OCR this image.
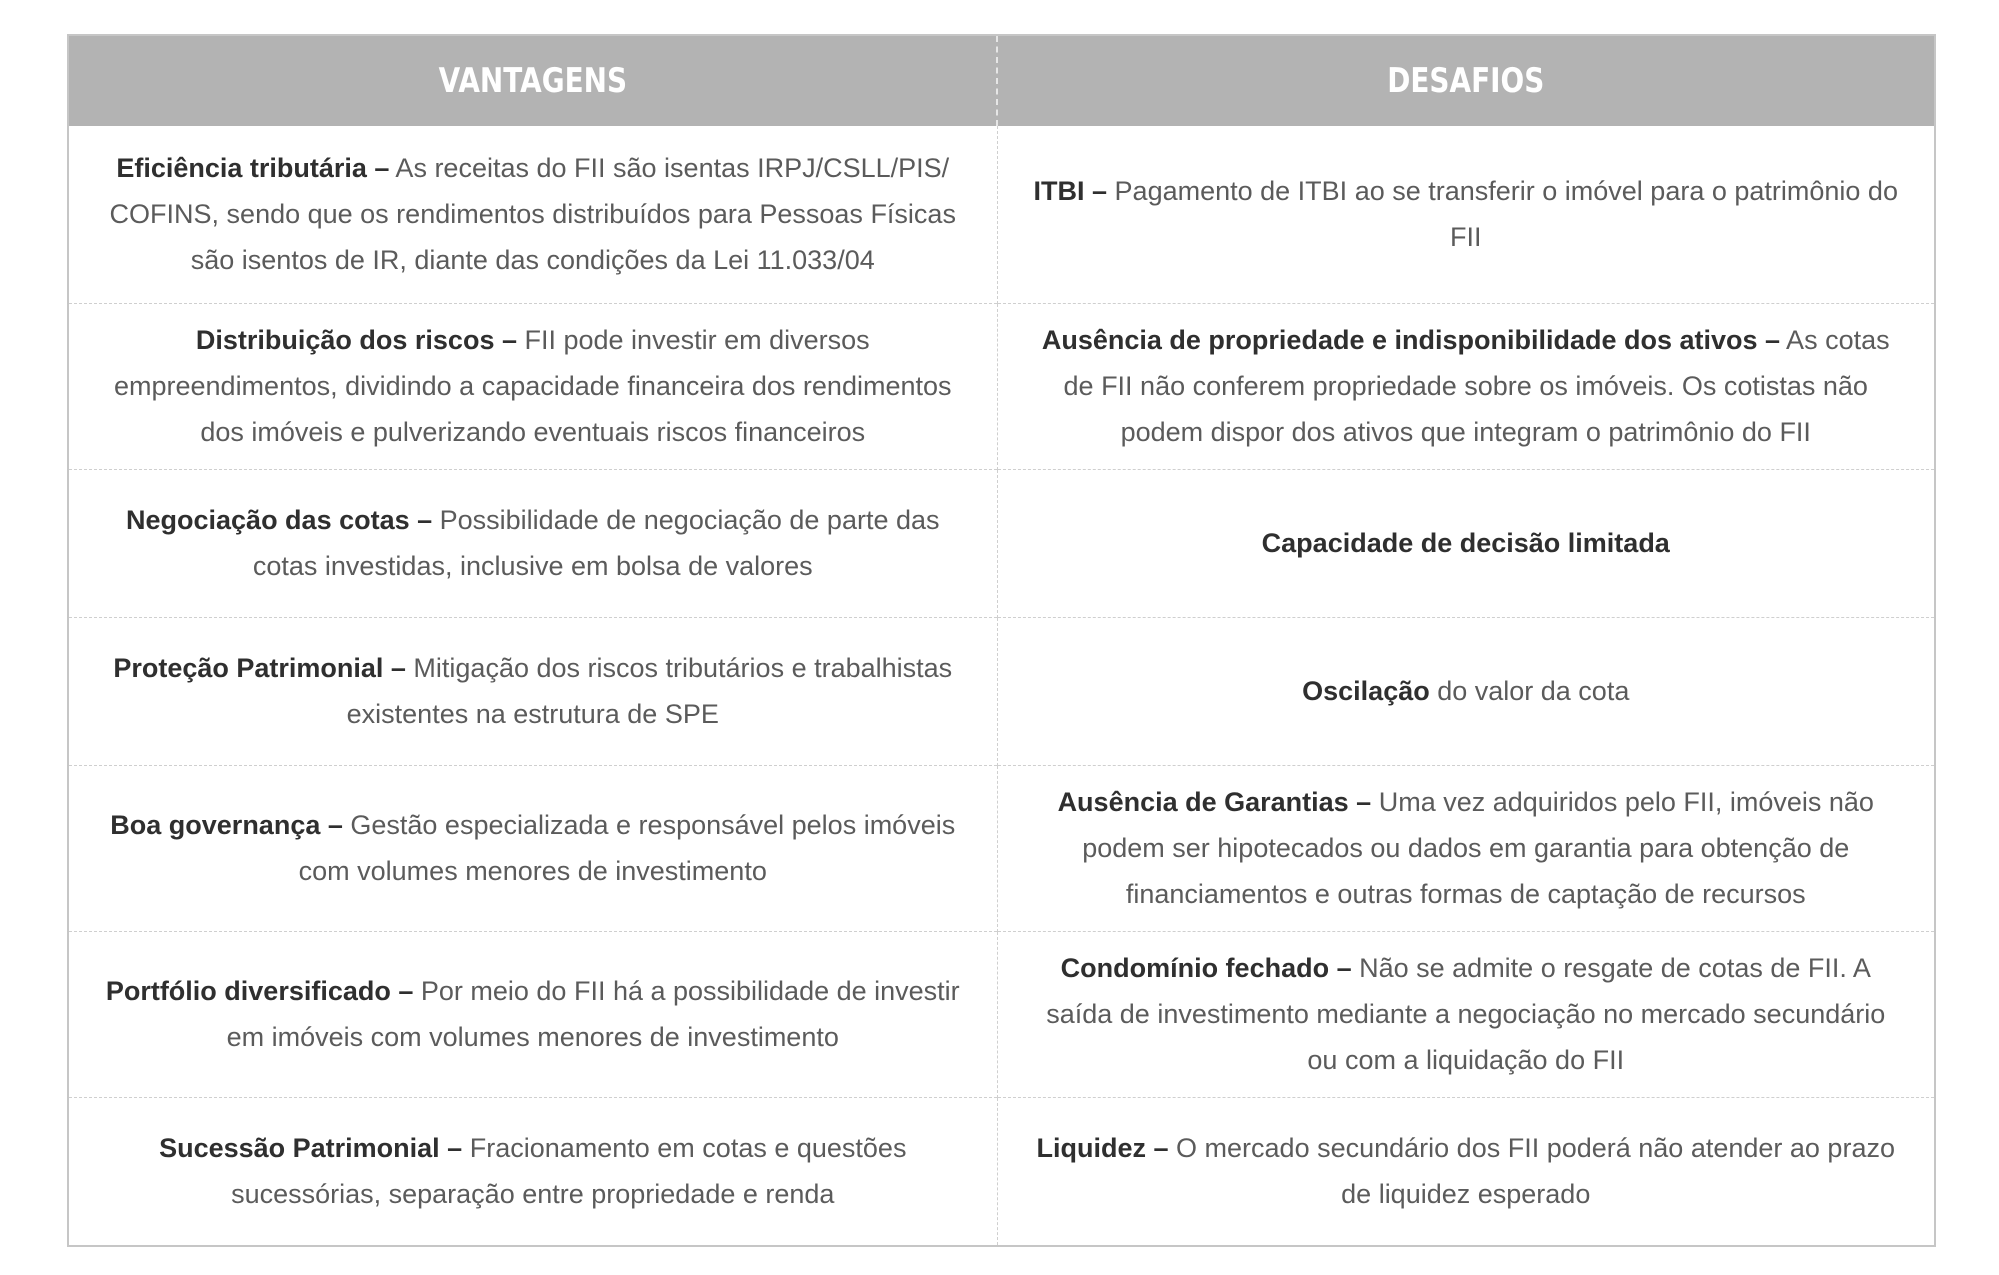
VANTAGENS	DESAFIOS
Eficiência tributária – As receitas do FII são isentas IRPJ/CSLL/PIS/ COFINS, sendo que os rendimentos distribuídos para Pessoas Físicas são isentos de IR, diante das condições da Lei 11.033/04	ITBI – Pagamento de ITBI ao se transferir o imóvel para o patrimônio do FII
Distribuição dos riscos – FII pode investir em diversos empreendimentos, dividindo a capacidade financeira dos rendimentos dos imóveis e pulverizando eventuais riscos financeiros	Ausência de propriedade e indisponibilidade dos ativos – As cotas de FII não conferem propriedade sobre os imóveis. Os cotistas não podem dispor dos ativos que integram o patrimônio do FII
Negociação das cotas – Possibilidade de negociação de parte das cotas investidas, inclusive em bolsa de valores	Capacidade de decisão limitada
Proteção Patrimonial – Mitigação dos riscos tributários e trabalhistas existentes na estrutura de SPE	Oscilação do valor da cota
Boa governança – Gestão especializada e responsável pelos imóveis com volumes menores de investimento	Ausência de Garantias – Uma vez adquiridos pelo FII, imóveis não podem ser hipotecados ou dados em garantia para obtenção de financiamentos e outras formas de captação de recursos
Portfólio diversificado – Por meio do FII há a possibilidade de investir em imóveis com volumes menores de investimento	Condomínio fechado – Não se admite o resgate de cotas de FII. A saída de investimento mediante a negociação no mercado secundário ou com a liquidação do FII
Sucessão Patrimonial – Fracionamento em cotas e questões sucessórias, separação entre propriedade e renda	Liquidez – O mercado secundário dos FII poderá não atender ao prazo de liquidez esperado
